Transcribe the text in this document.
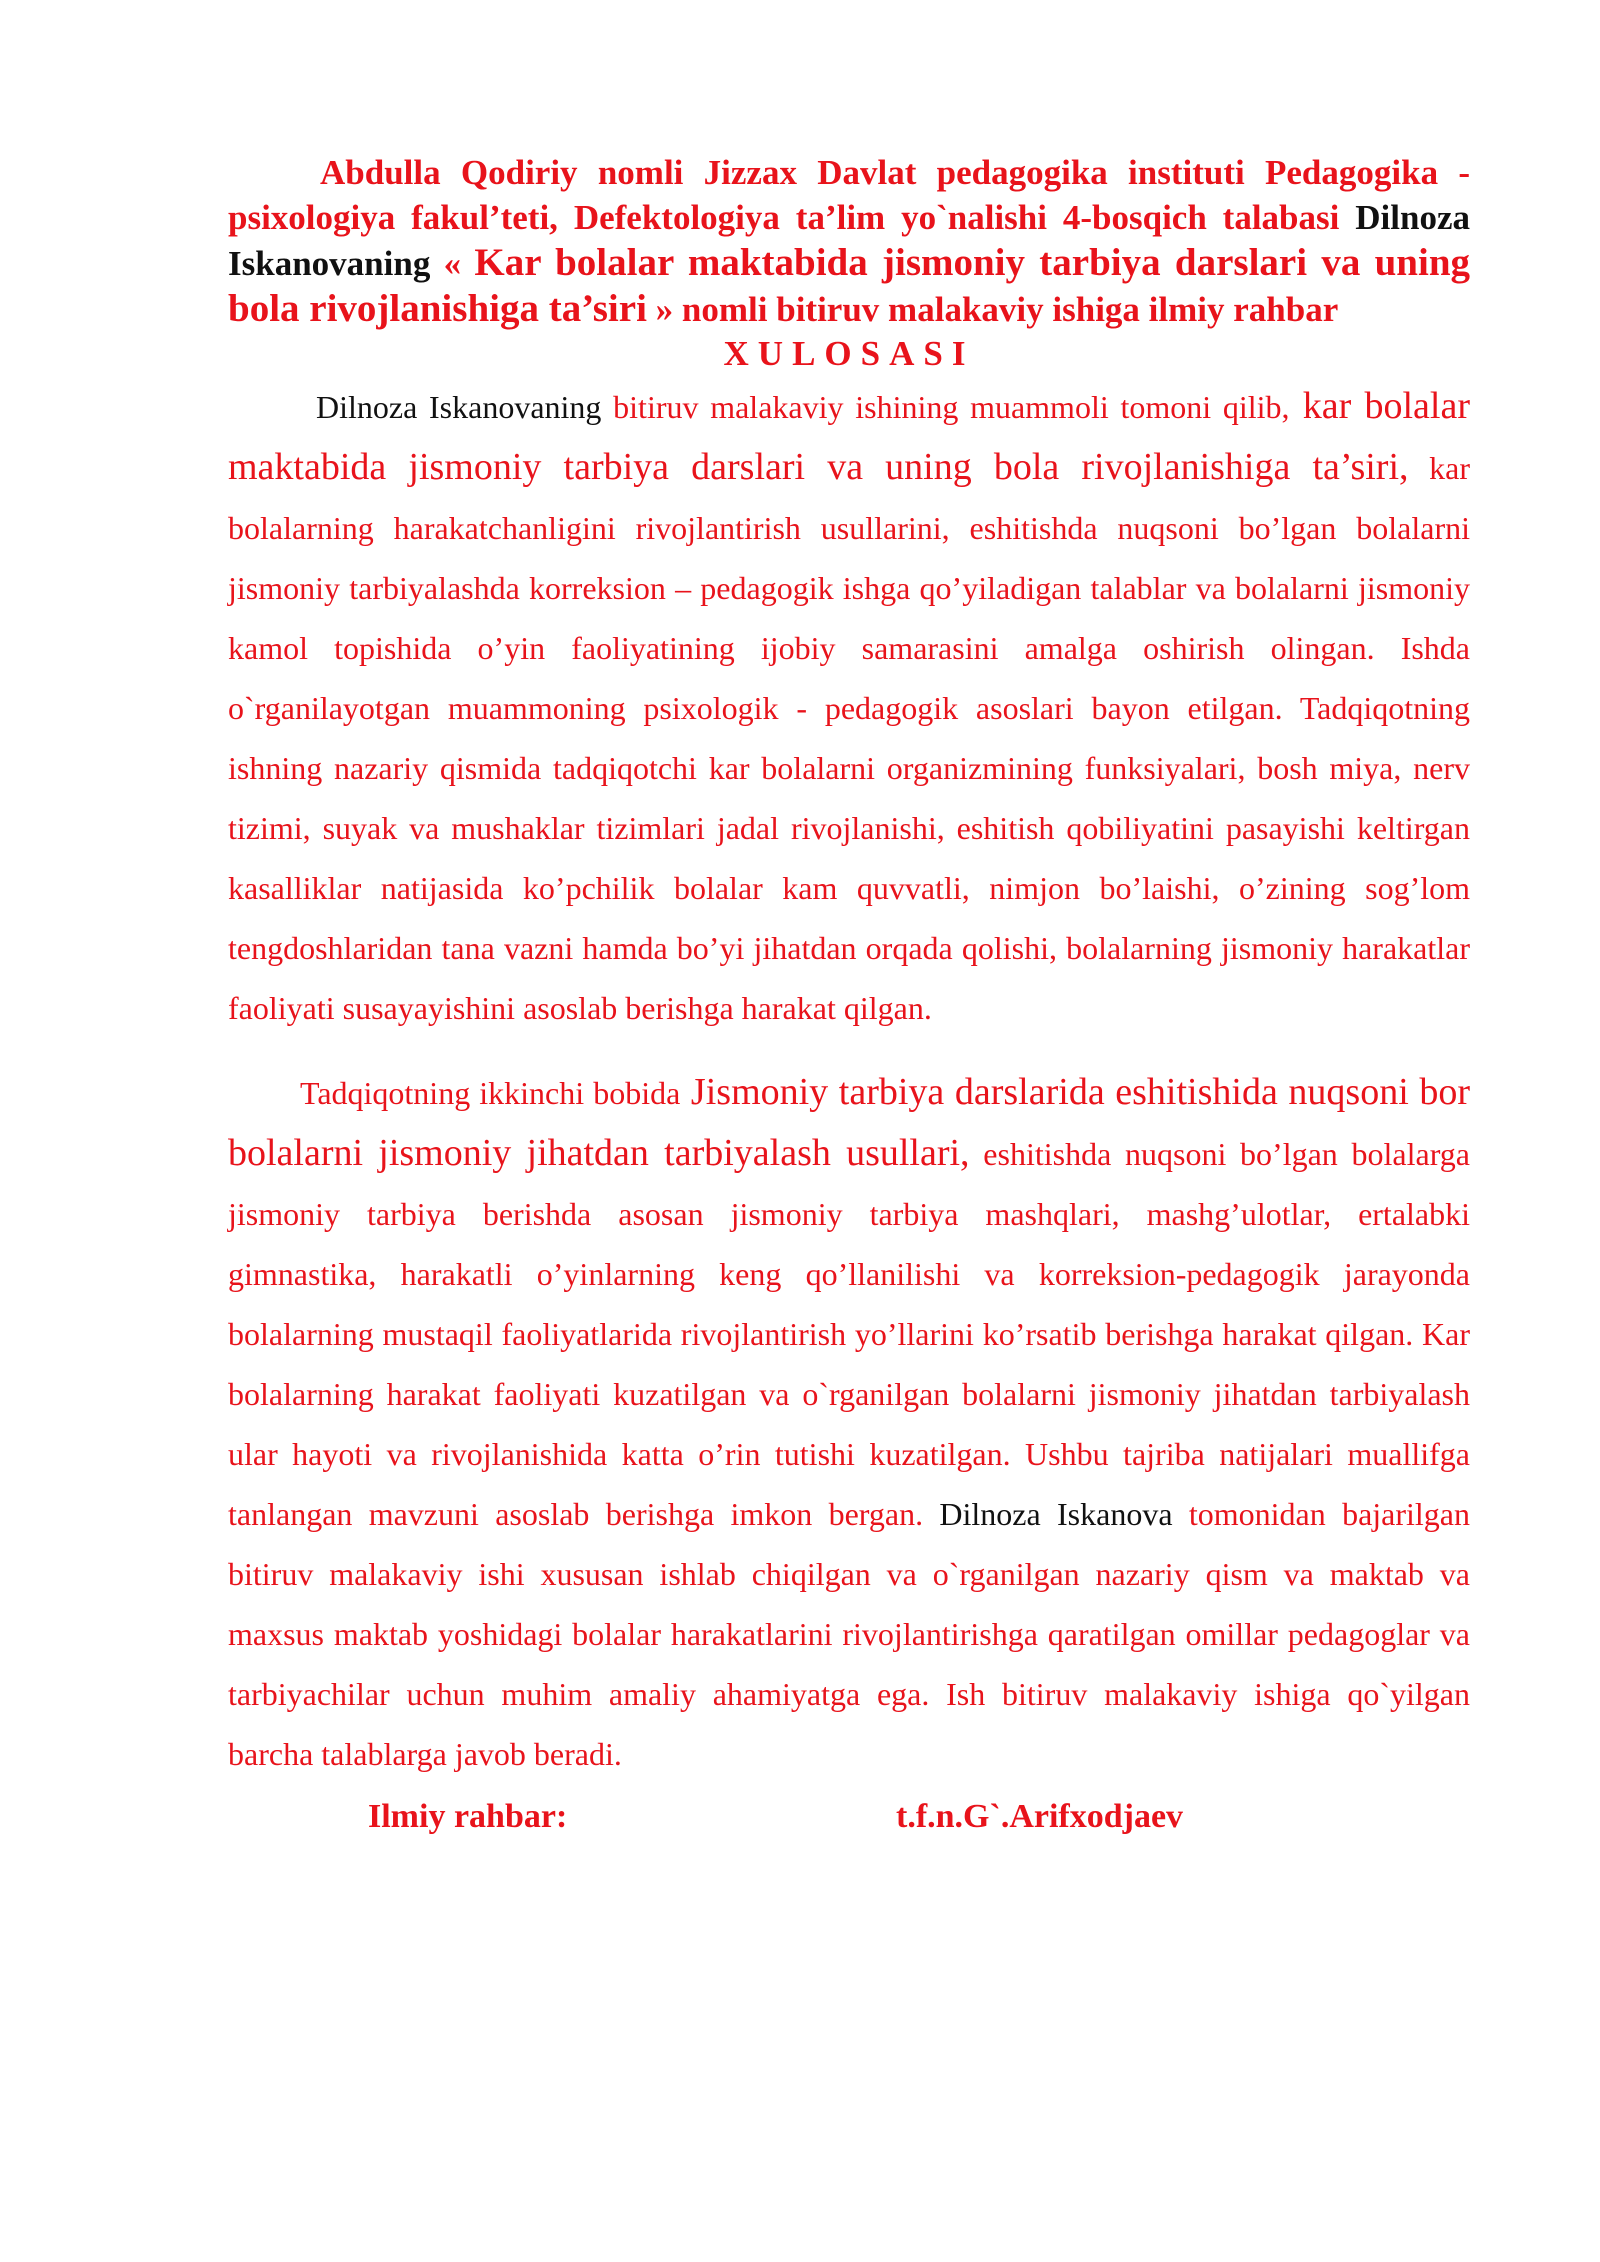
Abdulla Qodiriy nomli Jizzax Davlat pedagogika instituti Pedagogika - psixologiya fakul’teti, Defektologiya ta’lim yo`nalishi 4-bosqich talabasi Dilnoza Iskanovaning « Kar bolalar maktabida jismoniy tarbiya darslari va uning bola rivojlanishiga ta’siri » nomli bitiruv malakaviy ishiga ilmiy rahbar
XULOSASI

Dilnoza Iskanovaning bitiruv malakaviy ishining muammoli tomoni qilib, kar bolalar maktabida jismoniy tarbiya darslari va uning bola rivojlanishiga ta’siri, kar bolalarning harakatchanligini rivojlantirish usullarini, eshitishda nuqsoni bo’lgan bolalarni jismoniy tarbiyalashda korreksion – pedagogik ishga qo’yiladigan talablar va bolalarni jismoniy kamol topishida o’yin faoliyatining ijobiy samarasini amalga oshirish olingan. Ishda o`rganilayotgan muammoning psixologik - pedagogik asoslari bayon etilgan. Tadqiqotning ishning nazariy qismida tadqiqotchi kar bolalarni organizmining funksiyalari, bosh miya, nerv tizimi, suyak va mushaklar tizimlari jadal rivojlanishi, eshitish qobiliyatini pasayishi keltirgan kasalliklar natijasida ko’pchilik bolalar kam quvvatli, nimjon bo’laishi, o’zining sog’lom tengdoshlaridan tana vazni hamda bo’yi jihatdan orqada qolishi, bolalarning jismoniy harakatlar faoliyati susayayishini asoslab berishga harakat qilgan.

Tadqiqotning ikkinchi bobida Jismoniy tarbiya darslarida eshitishida nuqsoni bor bolalarni jismoniy jihatdan tarbiyalash usullari, eshitishda nuqsoni bo’lgan bolalarga jismoniy tarbiya berishda asosan jismoniy tarbiya mashqlari, mashg’ulotlar, ertalabki gimnastika, harakatli o’yinlarning keng qo’llanilishi va korreksion-pedagogik jarayonda bolalarning mustaqil faoliyatlarida rivojlantirish yo’llarini ko’rsatib berishga harakat qilgan. Kar bolalarning harakat faoliyati kuzatilgan va o`rganilgan bolalarni jismoniy jihatdan tarbiyalash ular hayoti va rivojlanishida katta o’rin tutishi kuzatilgan. Ushbu tajriba natijalari muallifga tanlangan mavzuni asoslab berishga imkon bergan. Dilnoza Iskanova tomonidan bajarilgan bitiruv malakaviy ishi xususan ishlab chiqilgan va o`rganilgan nazariy qism va maktab va maxsus maktab yoshidagi bolalar harakatlarini rivojlantirishga qaratilgan omillar pedagoglar va tarbiyachilar uchun muhim amaliy ahamiyatga ega. Ish bitiruv malakaviy ishiga qo`yilgan barcha talablarga javob beradi.

Ilmiy rahbar:	t.f.n.G`.Arifxodjaev
